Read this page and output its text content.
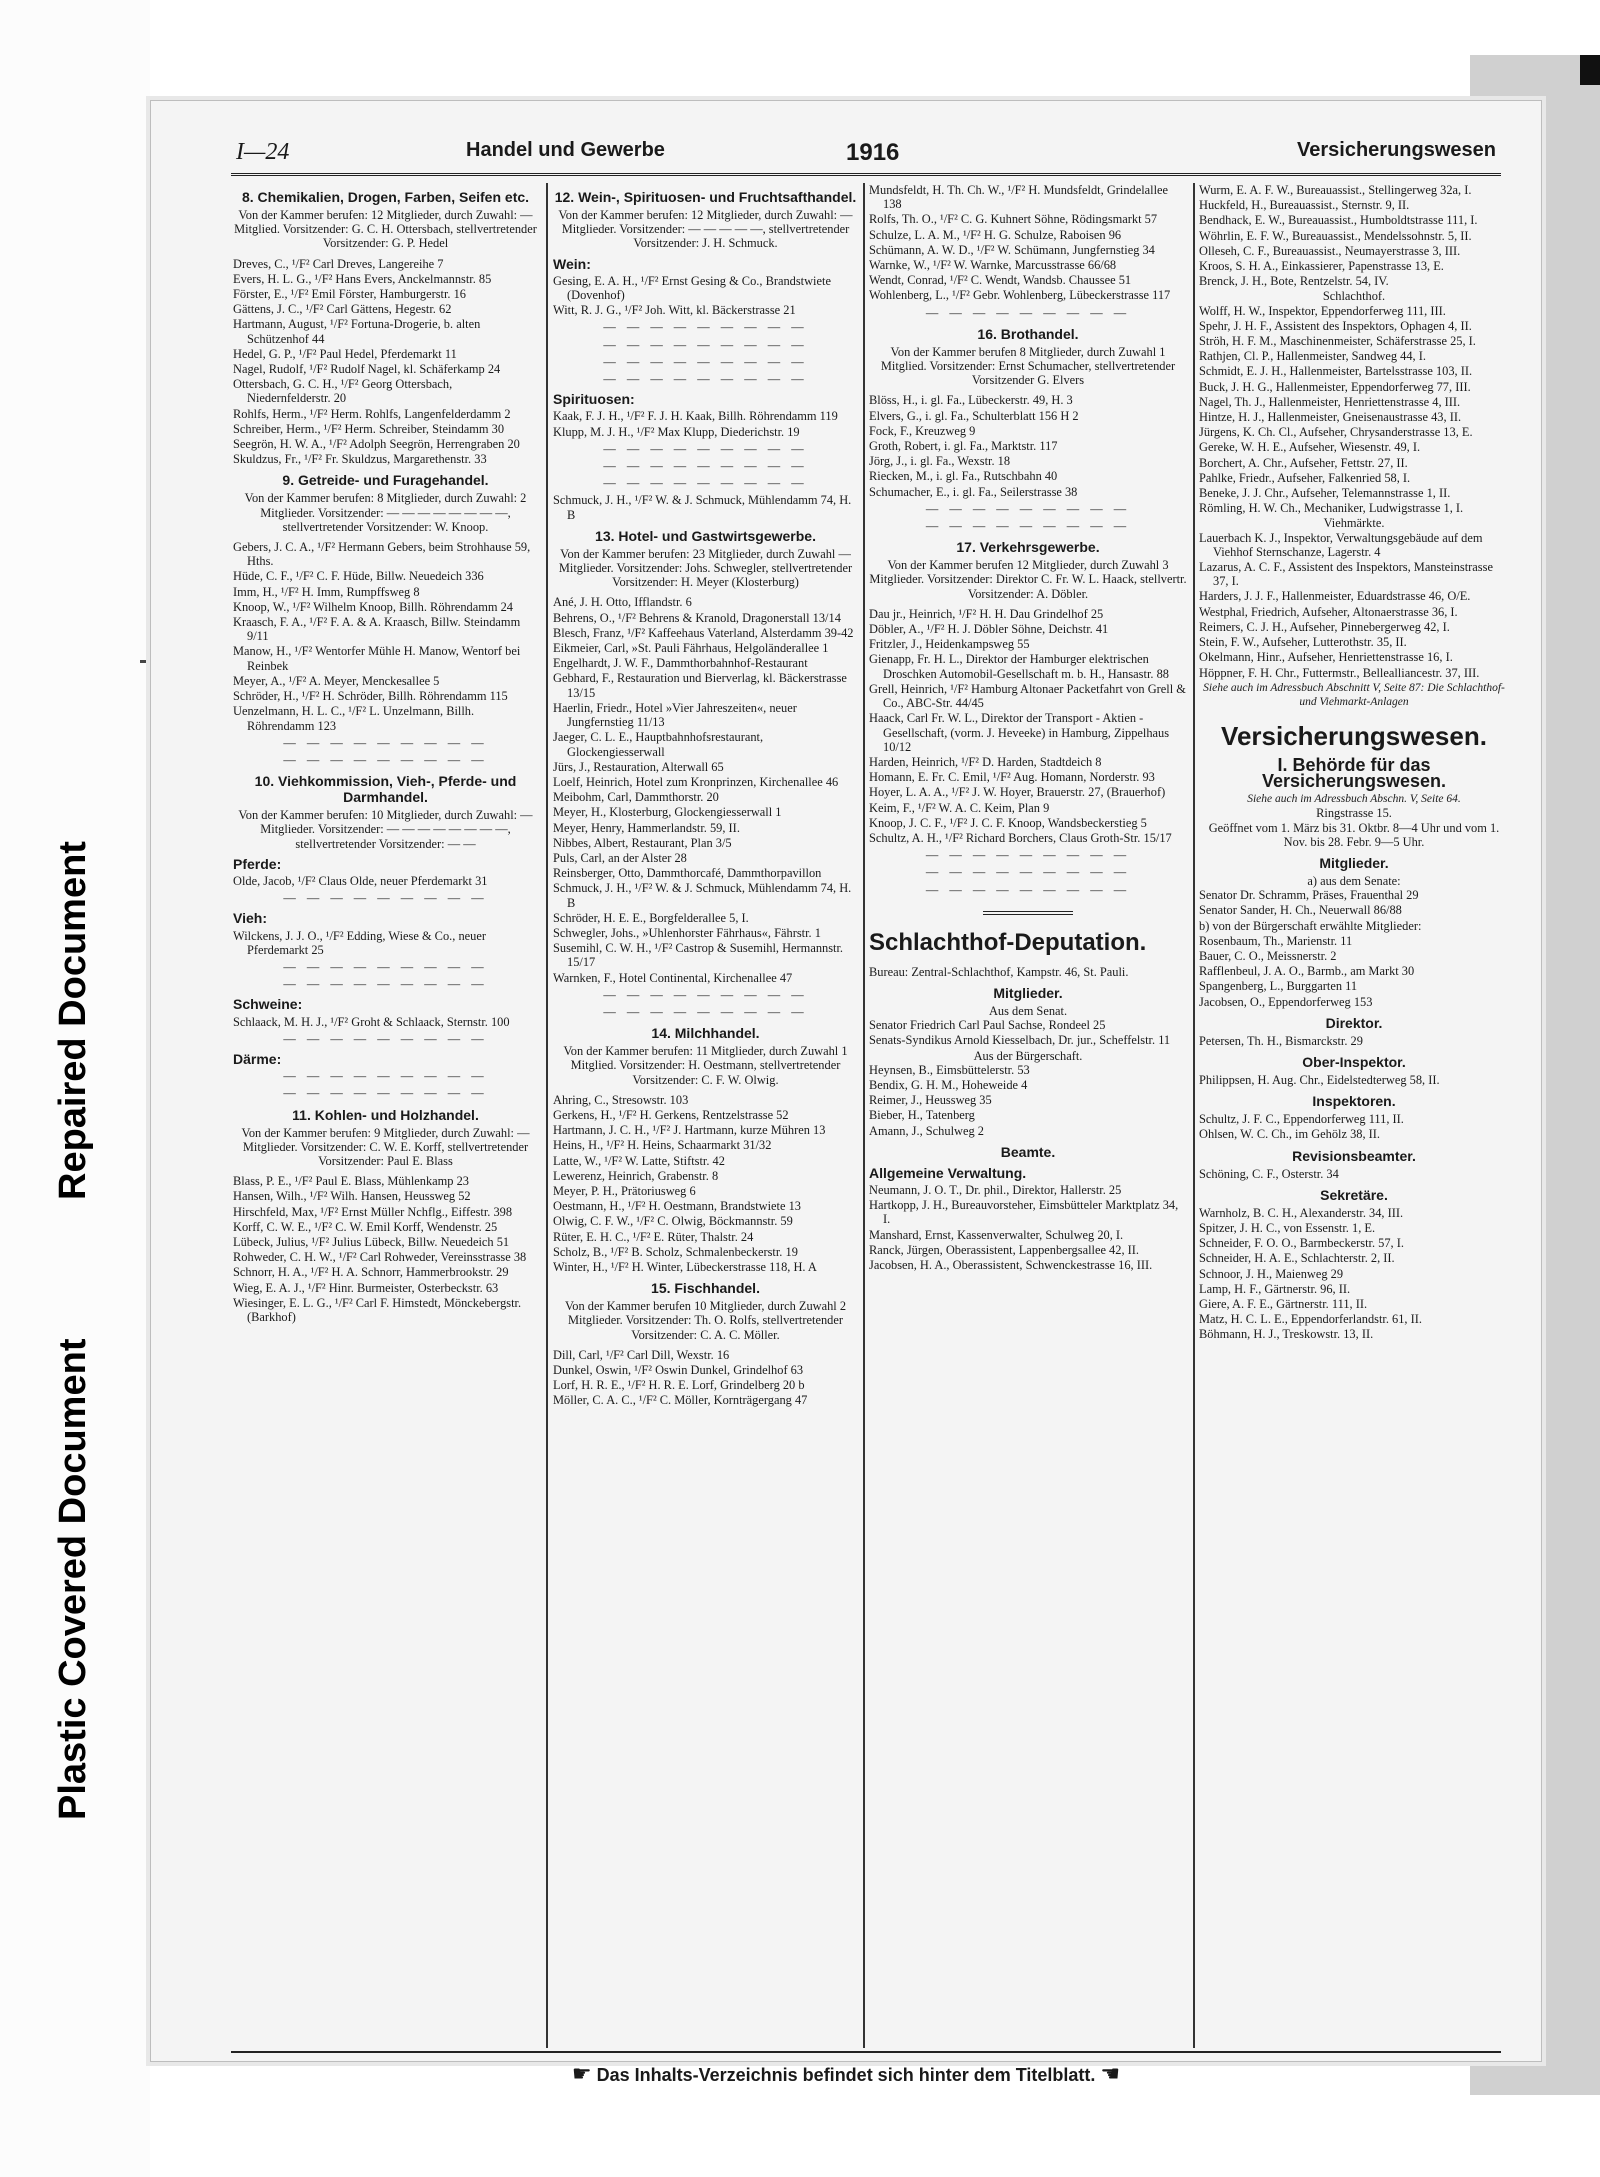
Repaired Document
Plastic Covered Document
I—24	Handel und Gewerbe	1916	Versicherungswesen
8. Chemikalien, Drogen, Farben, Seifen etc.
Von der Kammer berufen: 12 Mitglieder, durch Zuwahl: — Mitglied. Vorsitzender: G. C. H. Ottersbach, stellvertretender Vorsitzender: G. P. Hedel
Dreves, C., ¹/F² Carl Dreves, Langereihe 7
Evers, H. L. G., ¹/F² Hans Evers, Anckelmannstr. 85
Förster, E., ¹/F² Emil Förster, Hamburgerstr. 16
Gättens, J. C., ¹/F² Carl Gättens, Hegestr. 62
Hartmann, August, ¹/F² Fortuna-Drogerie, b. alten Schützenhof 44
Hedel, G. P., ¹/F² Paul Hedel, Pferdemarkt 11
Nagel, Rudolf, ¹/F² Rudolf Nagel, kl. Schäferkamp 24
Ottersbach, G. C. H., ¹/F² Georg Ottersbach, Niedernfelderstr. 20
Rohlfs, Herm., ¹/F² Herm. Rohlfs, Langenfelderdamm 2
Schreiber, Herm., ¹/F² Herm. Schreiber, Steindamm 30
Seegrön, H. W. A., ¹/F² Adolph Seegrön, Herrengraben 20
Skuldzus, Fr., ¹/F² Fr. Skuldzus, Margarethenstr. 33
9. Getreide- und Furagehandel.
Von der Kammer berufen: 8 Mitglieder, durch Zuwahl: 2 Mitglieder. Vorsitzender: — — — — — — — —, stellvertretender Vorsitzender: W. Knoop.
Gebers, J. C. A., ¹/F² Hermann Gebers, beim Strohhause 59, Hths.
Hüde, C. F., ¹/F² C. F. Hüde, Billw. Neuedeich 336
Imm, H., ¹/F² H. Imm, Rumpffsweg 8
Knoop, W., ¹/F² Wilhelm Knoop, Billh. Röhrendamm 24
Kraasch, F. A., ¹/F² F. A. & A. Kraasch, Billw. Steindamm 9/11
Manow, H., ¹/F² Wentorfer Mühle H. Manow, Wentorf bei Reinbek
Meyer, A., ¹/F² A. Meyer, Menckesallee 5
Schröder, H., ¹/F² H. Schröder, Billh. Röhrendamm 115
Uenzelmann, H. L. C., ¹/F² L. Unzelmann, Billh. Röhrendamm 123
— — — — — — — — —
— — — — — — — — —
10. Viehkommission, Vieh-, Pferde- und Darmhandel.
Von der Kammer berufen: 10 Mitglieder, durch Zuwahl: — Mitglieder. Vorsitzender: — — — — — — — —, stellvertretender Vorsitzender: — —
Pferde:
Olde, Jacob, ¹/F² Claus Olde, neuer Pferdemarkt 31
— — — — — — — — —
Vieh:
Wilckens, J. J. O., ¹/F² Edding, Wiese & Co., neuer Pferdemarkt 25
— — — — — — — — —
— — — — — — — — —
Schweine:
Schlaack, M. H. J., ¹/F² Groht & Schlaack, Sternstr. 100
— — — — — — — — —
Därme:
— — — — — — — — —
— — — — — — — — —
11. Kohlen- und Holzhandel.
Von der Kammer berufen: 9 Mitglieder, durch Zuwahl: — Mitglieder. Vorsitzender: C. W. E. Korff, stellvertretender Vorsitzender: Paul E. Blass
Blass, P. E., ¹/F² Paul E. Blass, Mühlenkamp 23
Hansen, Wilh., ¹/F² Wilh. Hansen, Heussweg 52
Hirschfeld, Max, ¹/F² Ernst Müller Nchflg., Eiffestr. 398
Korff, C. W. E., ¹/F² C. W. Emil Korff, Wendenstr. 25
Lübeck, Julius, ¹/F² Julius Lübeck, Billw. Neuedeich 51
Rohweder, C. H. W., ¹/F² Carl Rohweder, Vereinsstrasse 38
Schnorr, H. A., ¹/F² H. A. Schnorr, Hammerbrookstr. 29
Wieg, E. A. J., ¹/F² Hinr. Burmeister, Osterbeckstr. 63
Wiesinger, E. L. G., ¹/F² Carl F. Himstedt, Mönckebergstr. (Barkhof)
12. Wein-, Spirituosen- und Fruchtsafthandel.
Von der Kammer berufen: 12 Mitglieder, durch Zuwahl: — Mitglieder. Vorsitzender: — — — — —, stellvertretender Vorsitzender: J. H. Schmuck.
Wein:
Gesing, E. A. H., ¹/F² Ernst Gesing & Co., Brandstwiete (Dovenhof)
Witt, R. J. G., ¹/F² Joh. Witt, kl. Bäckerstrasse 21
— — — — — — — — —
— — — — — — — — —
— — — — — — — — —
— — — — — — — — —
Spirituosen:
Kaak, F. J. H., ¹/F² F. J. H. Kaak, Billh. Röhrendamm 119
Klupp, M. J. H., ¹/F² Max Klupp, Diederichstr. 19
— — — — — — — — —
— — — — — — — — —
— — — — — — — — —
Schmuck, J. H., ¹/F² W. & J. Schmuck, Mühlendamm 74, H. B
13. Hotel- und Gastwirtsgewerbe.
Von der Kammer berufen: 23 Mitglieder, durch Zuwahl — Mitglieder. Vorsitzender: Johs. Schwegler, stellvertretender Vorsitzender: H. Meyer (Klosterburg)
Ané, J. H. Otto, Ifflandstr. 6
Behrens, O., ¹/F² Behrens & Kranold, Dragonerstall 13/14
Blesch, Franz, ¹/F² Kaffeehaus Vaterland, Alsterdamm 39-42
Eikmeier, Carl, »St. Pauli Fährhaus, Helgoländerallee 1
Engelhardt, J. W. F., Dammthorbahnhof-Restaurant
Gebhard, F., Restauration und Bierverlag, kl. Bäckerstrasse 13/15
Haerlin, Friedr., Hotel »Vier Jahreszeiten«, neuer Jungfernstieg 11/13
Jaeger, C. L. E., Hauptbahnhofsrestaurant, Glockengiesserwall
Jürs, J., Restauration, Alterwall 65
Loelf, Heinrich, Hotel zum Kronprinzen, Kirchenallee 46
Meibohm, Carl, Dammthorstr. 20
Meyer, H., Klosterburg, Glockengiesserwall 1
Meyer, Henry, Hammerlandstr. 59, II.
Nibbes, Albert, Restaurant, Plan 3/5
Puls, Carl, an der Alster 28
Reinsberger, Otto, Dammthorcafé, Dammthorpavillon
Schmuck, J. H., ¹/F² W. & J. Schmuck, Mühlendamm 74, H. B
Schröder, H. E. E., Borgfelderallee 5, I.
Schwegler, Johs., »Uhlenhorster Fährhaus«, Fährstr. 1
Susemihl, C. W. H., ¹/F² Castrop & Susemihl, Hermannstr. 15/17
Warnken, F., Hotel Continental, Kirchenallee 47
— — — — — — — — —
— — — — — — — — —
14. Milchhandel.
Von der Kammer berufen: 11 Mitglieder, durch Zuwahl 1 Mitglied. Vorsitzender: H. Oestmann, stellvertretender Vorsitzender: C. F. W. Olwig.
Ahring, C., Stresowstr. 103
Gerkens, H., ¹/F² H. Gerkens, Rentzelstrasse 52
Hartmann, J. C. H., ¹/F² J. Hartmann, kurze Mühren 13
Heins, H., ¹/F² H. Heins, Schaarmarkt 31/32
Latte, W., ¹/F² W. Latte, Stiftstr. 42
Lewerenz, Heinrich, Grabenstr. 8
Meyer, P. H., Prätoriusweg 6
Oestmann, H., ¹/F² H. Oestmann, Brandstwiete 13
Olwig, C. F. W., ¹/F² C. Olwig, Böckmannstr. 59
Rüter, E. H. C., ¹/F² E. Rüter, Thalstr. 24
Scholz, B., ¹/F² B. Scholz, Schmalenbeckerstr. 19
Winter, H., ¹/F² H. Winter, Lübeckerstrasse 118, H. A
15. Fischhandel.
Von der Kammer berufen 10 Mitglieder, durch Zuwahl 2 Mitglieder. Vorsitzender: Th. O. Rolfs, stellvertretender Vorsitzender: C. A. C. Möller.
Dill, Carl, ¹/F² Carl Dill, Wexstr. 16
Dunkel, Oswin, ¹/F² Oswin Dunkel, Grindelhof 63
Lorf, H. R. E., ¹/F² H. R. E. Lorf, Grindelberg 20 b
Möller, C. A. C., ¹/F² C. Möller, Kornträgergang 47
Mundsfeldt, H. Th. Ch. W., ¹/F² H. Mundsfeldt, Grindelallee 138
Rolfs, Th. O., ¹/F² C. G. Kuhnert Söhne, Rödingsmarkt 57
Schulze, L. A. M., ¹/F² H. G. Schulze, Raboisen 96
Schümann, A. W. D., ¹/F² W. Schümann, Jungfernstieg 34
Warnke, W., ¹/F² W. Warnke, Marcusstrasse 66/68
Wendt, Conrad, ¹/F² C. Wendt, Wandsb. Chaussee 51
Wohlenberg, L., ¹/F² Gebr. Wohlenberg, Lübeckerstrasse 117
— — — — — — — — —
16. Brothandel.
Von der Kammer berufen 8 Mitglieder, durch Zuwahl 1 Mitglied. Vorsitzender: Ernst Schumacher, stellvertretender Vorsitzender G. Elvers
Blöss, H., i. gl. Fa., Lübeckerstr. 49, H. 3
Elvers, G., i. gl. Fa., Schulterblatt 156 H 2
Fock, F., Kreuzweg 9
Groth, Robert, i. gl. Fa., Marktstr. 117
Jörg, J., i. gl. Fa., Wexstr. 18
Riecken, M., i. gl. Fa., Rutschbahn 40
Schumacher, E., i. gl. Fa., Seilerstrasse 38
— — — — — — — — —
— — — — — — — — —
17. Verkehrsgewerbe.
Von der Kammer berufen 12 Mitglieder, durch Zuwahl 3 Mitglieder. Vorsitzender: Direktor C. Fr. W. L. Haack, stellvertr. Vorsitzender: A. Döbler.
Dau jr., Heinrich, ¹/F² H. H. Dau Grindelhof 25
Döbler, A., ¹/F² H. J. Döbler Söhne, Deichstr. 41
Fritzler, J., Heidenkampsweg 55
Gienapp, Fr. H. L., Direktor der Hamburger elektrischen Droschken Automobil-Gesellschaft m. b. H., Hansastr. 88
Grell, Heinrich, ¹/F² Hamburg Altonaer Packetfahrt von Grell & Co., ABC-Str. 44/45
Haack, Carl Fr. W. L., Direktor der Transport - Aktien - Gesellschaft, (vorm. J. Heveeke) in Hamburg, Zippelhaus 10/12
Harden, Heinrich, ¹/F² D. Harden, Stadtdeich 8
Homann, E. Fr. C. Emil, ¹/F² Aug. Homann, Norderstr. 93
Hoyer, L. A. A., ¹/F² J. W. Hoyer, Brauerstr. 27, (Brauerhof)
Keim, F., ¹/F² W. A. C. Keim, Plan 9
Knoop, J. C. F., ¹/F² J. C. F. Knoop, Wandsbeckerstieg 5
Schultz, A. H., ¹/F² Richard Borchers, Claus Groth-Str. 15/17
— — — — — — — — —
— — — — — — — — —
— — — — — — — — —
Schlachthof-Deputation.
Bureau: Zentral-Schlachthof, Kampstr. 46, St. Pauli.
Mitglieder.
Aus dem Senat.
Senator Friedrich Carl Paul Sachse, Rondeel 25
Senats-Syndikus Arnold Kiesselbach, Dr. jur., Scheffelstr. 11
Aus der Bürgerschaft.
Heynsen, B., Eimsbüttelerstr. 53
Bendix, G. H. M., Hoheweide 4
Reimer, J., Heussweg 35
Bieber, H., Tatenberg
Amann, J., Schulweg 2
Beamte.
Allgemeine Verwaltung.
Neumann, J. O. T., Dr. phil., Direktor, Hallerstr. 25
Hartkopp, J. H., Bureauvorsteher, Eimsbütteler Marktplatz 34, I.
Manshard, Ernst, Kassenverwalter, Schulweg 20, I.
Ranck, Jürgen, Oberassistent, Lappenbergsallee 42, II.
Jacobsen, H. A., Oberassistent, Schwenckestrasse 16, III.
Wurm, E. A. F. W., Bureauassist., Stellingerweg 32a, I.
Huckfeld, H., Bureauassist., Sternstr. 9, II.
Bendhack, E. W., Bureauassist., Humboldtstrasse 111, I.
Wöhrlin, E. F. W., Bureauassist., Mendelssohnstr. 5, II.
Olleseh, C. F., Bureauassist., Neumayerstrasse 3, III.
Kroos, S. H. A., Einkassierer, Papenstrasse 13, E.
Brenck, J. H., Bote, Rentzelstr. 54, IV.
Schlachthof.
Wolff, H. W., Inspektor, Eppendorferweg 111, III.
Spehr, J. H. F., Assistent des Inspektors, Ophagen 4, II.
Ströh, H. F. M., Maschinenmeister, Schäferstrasse 25, I.
Rathjen, Cl. P., Hallenmeister, Sandweg 44, I.
Schmidt, E. J. H., Hallenmeister, Bartelsstrasse 103, II.
Buck, J. H. G., Hallenmeister, Eppendorferweg 77, III.
Nagel, Th. J., Hallenmeister, Henriettenstrasse 4, III.
Hintze, H. J., Hallenmeister, Gneisenaustrasse 43, II.
Jürgens, K. Ch. Cl., Aufseher, Chrysanderstrasse 13, E.
Gereke, W. H. E., Aufseher, Wiesenstr. 49, I.
Borchert, A. Chr., Aufseher, Fettstr. 27, II.
Pahlke, Friedr., Aufseher, Falkenried 58, I.
Beneke, J. J. Chr., Aufseher, Telemannstrasse 1, II.
Römling, H. W. Ch., Mechaniker, Ludwigstrasse 1, I.
Viehmärkte.
Lauerbach K. J., Inspektor, Verwaltungsgebäude auf dem Viehhof Sternschanze, Lagerstr. 4
Lazarus, A. C. F., Assistent des Inspektors, Mansteinstrasse 37, I.
Harders, J. J. F., Hallenmeister, Eduardstrasse 46, O/E.
Westphal, Friedrich, Aufseher, Altonaerstrasse 36, I.
Reimers, C. J. H., Aufseher, Pinnebergerweg 42, I.
Stein, F. W., Aufseher, Lutterothstr. 35, II.
Okelmann, Hinr., Aufseher, Henriettenstrasse 16, I.
Höppner, F. H. Chr., Futtermstr., Bellealliancestr. 37, III.
Siehe auch im Adressbuch Abschnitt V, Seite 87: Die Schlachthof- und Viehmarkt-Anlagen
Versicherungswesen.
I. Behörde für das Versicherungswesen.
Siehe auch im Adressbuch Abschn. V, Seite 64.
Ringstrasse 15.
Geöffnet vom 1. März bis 31. Oktbr. 8—4 Uhr und vom 1. Nov. bis 28. Febr. 9—5 Uhr.
Mitglieder.
a) aus dem Senate:
Senator Dr. Schramm, Präses, Frauenthal 29
Senator Sander, H. Ch., Neuerwall 86/88
b) von der Bürgerschaft erwählte Mitglieder:
Rosenbaum, Th., Marienstr. 11
Bauer, C. O., Meissnerstr. 2
Rafflenbeul, J. A. O., Barmb., am Markt 30
Spangenberg, L., Burggarten 11
Jacobsen, O., Eppendorferweg 153
Direktor.
Petersen, Th. H., Bismarckstr. 29
Ober-Inspektor.
Philippsen, H. Aug. Chr., Eidelstedterweg 58, II.
Inspektoren.
Schultz, J. F. C., Eppendorferweg 111, II.
Ohlsen, W. C. Ch., im Gehölz 38, II.
Revisionsbeamter.
Schöning, C. F., Osterstr. 34
Sekretäre.
Warnholz, B. C. H., Alexanderstr. 34, III.
Spitzer, J. H. C., von Essenstr. 1, E.
Schneider, F. O. O., Barmbeckerstr. 57, I.
Schneider, H. A. E., Schlachterstr. 2, II.
Schnoor, J. H., Maienweg 29
Lamp, H. F., Gärtnerstr. 96, II.
Giere, A. F. E., Gärtnerstr. 111, II.
Matz, H. C. L. E., Eppendorferlandstr. 61, II.
Böhmann, H. J., Treskowstr. 13, II.
☛ Das Inhalts-Verzeichnis befindet sich hinter dem Titelblatt. ☚
